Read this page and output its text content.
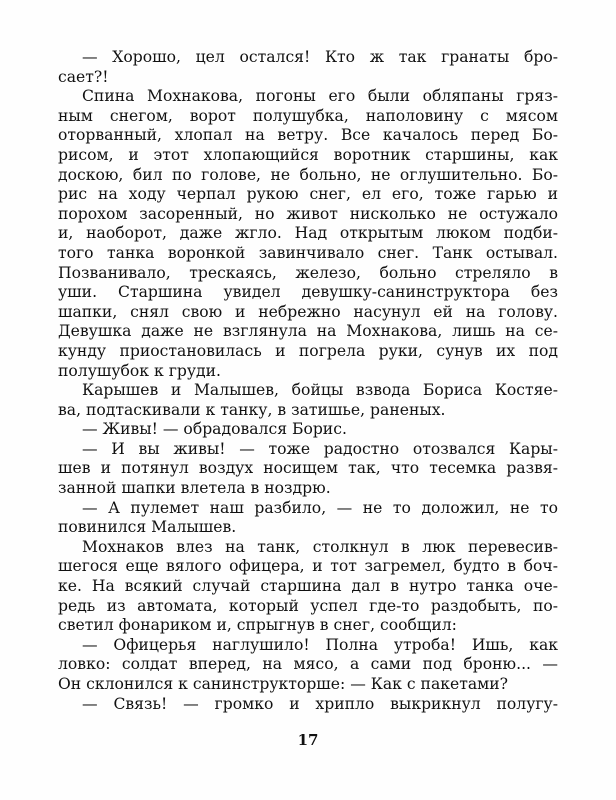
— Хорошо, цел остался! Кто ж так гранаты бро-
сает?!
Спина Мохнакова, погоны его были обляпаны гряз-
ным снегом, ворот полушубка, наполовину с мясом
оторванный, хлопал на ветру. Все качалось перед Бо-
рисом, и этот хлопающийся воротник старшины, как
доскою, бил по голове, не больно, не оглушительно. Бо-
рис на ходу черпал рукою снег, ел его, тоже гарью и
порохом засоренный, но живот нисколько не остужало
и, наоборот, даже жгло. Над открытым люком подби-
того танка воронкой завинчивало снег. Танк остывал.
Позванивало, трескаясь, железо, больно стреляло в
уши. Старшина увидел девушку-санинструктора без
шапки, снял свою и небрежно насунул ей на голову.
Девушка даже не взглянула на Мохнакова, лишь на се-
кунду приостановилась и погрела руки, сунув их под
полушубок к груди.
Карышев и Малышев, бойцы взвода Бориса Костяе-
ва, подтаскивали к танку, в затишье, раненых.
— Живы! — обрадовался Борис.
— И вы живы! — тоже радостно отозвался Кары-
шев и потянул воздух носищем так, что тесемка развя-
занной шапки влетела в ноздрю.
— А пулемет наш разбило, — не то доложил, не то
повинился Малышев.
Мохнаков влез на танк, столкнул в люк перевесив-
шегося еще вялого офицера, и тот загремел, будто в боч-
ке. На всякий случай старшина дал в нутро танка оче-
редь из автомата, который успел где-то раздобыть, по-
светил фонариком и, спрыгнув в снег, сообщил:
— Офицерья наглушило! Полна утроба! Ишь, как
ловко: солдат вперед, на мясо, а сами под броню... —
Он склонился к санинструкторше: — Как с пакетами?
— Связь! — громко и хрипло выкрикнул полугу-
17
